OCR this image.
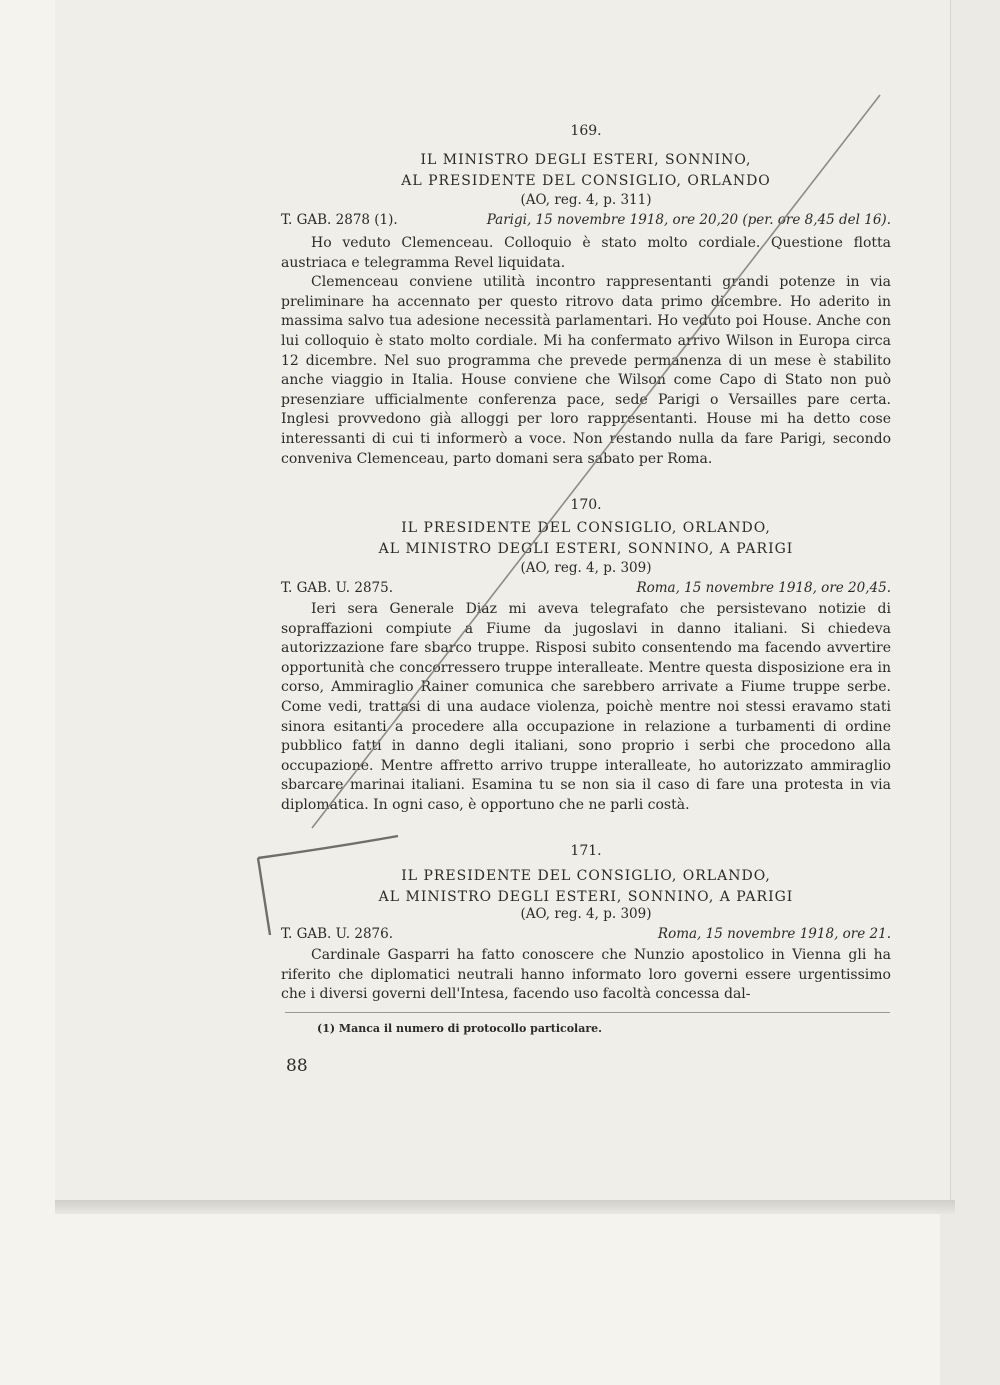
169.
IL MINISTRO DEGLI ESTERI, SONNINO,
AL PRESIDENTE DEL CONSIGLIO, ORLANDO
(AO, reg. 4, p. 311)
T. GAB. 2878 (1).	Parigi, 15 novembre 1918, ore 20,20 (per. ore 8,45 del 16).

Ho veduto Clemenceau. Colloquio è stato molto cordiale. Questione flotta austriaca e telegramma Revel liquidata.

Clemenceau conviene utilità incontro rappresentanti grandi potenze in via preliminare ha accennato per questo ritrovo data primo dicembre. Ho aderito in massima salvo tua adesione necessità parlamentari. Ho veduto poi House. Anche con lui colloquio è stato molto cordiale. Mi ha confermato arrivo Wilson in Europa circa 12 dicembre. Nel suo programma che prevede permanenza di un mese è stabilito anche viaggio in Italia. House conviene che Wilson come Capo di Stato non può presenziare ufficialmente conferenza pace, sede Parigi o Versailles pare certa. Inglesi provvedono già alloggi per loro rappresentanti. House mi ha detto cose interessanti di cui ti informerò a voce. Non restando nulla da fare Parigi, secondo conveniva Clemenceau, parto domani sera sabato per Roma.

170.
IL PRESIDENTE DEL CONSIGLIO, ORLANDO,
AL MINISTRO DEGLI ESTERI, SONNINO, A PARIGI
(AO, reg. 4, p. 309)
T. GAB. U. 2875.	Roma, 15 novembre 1918, ore 20,45.

Ieri sera Generale Diaz mi aveva telegrafato che persistevano notizie di sopraffazioni compiute a Fiume da jugoslavi in danno italiani. Si chiedeva autorizzazione fare sbarco truppe. Risposi subito consentendo ma facendo avvertire opportunità che concorressero truppe interalleate. Mentre questa disposizione era in corso, Ammiraglio Rainer comunica che sarebbero arrivate a Fiume truppe serbe. Come vedi, trattasi di una audace violenza, poichè mentre noi stessi eravamo stati sinora esitanti a procedere alla occupazione in relazione a turbamenti di ordine pubblico fatti in danno degli italiani, sono proprio i serbi che procedono alla occupazione. Mentre affretto arrivo truppe interalleate, ho autorizzato ammiraglio sbarcare marinai italiani. Esamina tu se non sia il caso di fare una protesta in via diplomatica. In ogni caso, è opportuno che ne parli costà.

171.
IL PRESIDENTE DEL CONSIGLIO, ORLANDO,
AL MINISTRO DEGLI ESTERI, SONNINO, A PARIGI
(AO, reg. 4, p. 309)
T. GAB. U. 2876.	Roma, 15 novembre 1918, ore 21.

Cardinale Gasparri ha fatto conoscere che Nunzio apostolico in Vienna gli ha riferito che diplomatici neutrali hanno informato loro governi essere urgentissimo che i diversi governi dell'Intesa, facendo uso facoltà concessa dal-

(1) Manca il numero di protocollo particolare.
88
